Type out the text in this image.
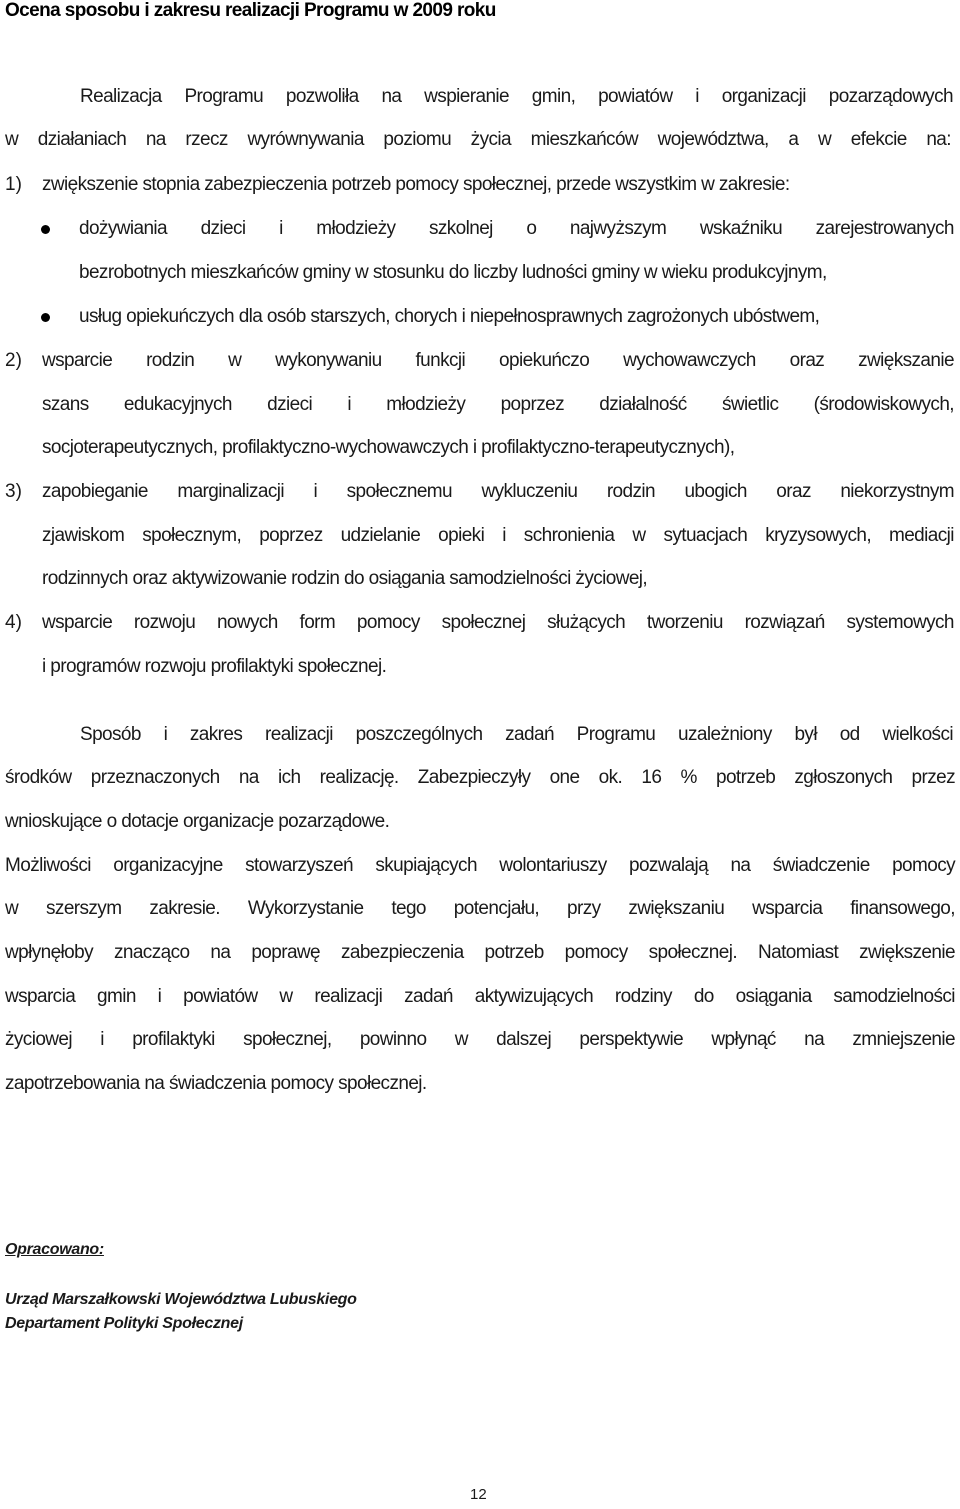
Ocena sposobu i zakresu realizacji Programu w 2009 roku
Realizacja Programu pozwoliła na wspieranie gmin, powiatów i organizacji pozarządowych
w działaniach na rzecz wyrównywania poziomu życia mieszkańców województwa, a w efekcie na:
1) zwiększenie stopnia zabezpieczenia potrzeb pomocy społecznej, przede wszystkim w zakresie:
dożywiania dzieci i młodzieży szkolnej o najwyższym wskaźniku zarejestrowanych
bezrobotnych mieszkańców gminy w stosunku do liczby ludności gminy w wieku produkcyjnym,
usług opiekuńczych dla osób starszych, chorych i niepełnosprawnych zagrożonych ubóstwem,
2) wsparcie rodzin w wykonywaniu funkcji opiekuńczo wychowawczych oraz zwiększanie
szans edukacyjnych dzieci i młodzieży poprzez działalność świetlic (środowiskowych,
socjoterapeutycznych, profilaktyczno-wychowawczych i profilaktyczno-terapeutycznych),
3) zapobieganie marginalizacji i społecznemu wykluczeniu rodzin ubogich oraz niekorzystnym
zjawiskom społecznym, poprzez udzielanie opieki i schronienia w sytuacjach kryzysowych, mediacji
rodzinnych oraz aktywizowanie rodzin do osiągania samodzielności życiowej,
4) wsparcie rozwoju nowych form pomocy społecznej służących tworzeniu rozwiązań systemowych
i programów rozwoju profilaktyki społecznej.
Sposób i zakres realizacji poszczególnych zadań Programu uzależniony był od wielkości
środków przeznaczonych na ich realizację. Zabezpieczyły one ok. 16 % potrzeb zgłoszonych przez
wnioskujące o dotacje organizacje pozarządowe.
Możliwości organizacyjne stowarzyszeń skupiających wolontariuszy pozwalają na świadczenie pomocy
w szerszym zakresie. Wykorzystanie tego potencjału, przy zwiększaniu wsparcia finansowego,
wpłynęłoby znacząco na poprawę zabezpieczenia potrzeb pomocy społecznej. Natomiast zwiększenie
wsparcia gmin i powiatów w realizacji zadań aktywizujących rodziny do osiągania samodzielności
życiowej i profilaktyki społecznej, powinno w dalszej perspektywie wpłynąć na zmniejszenie
zapotrzebowania na świadczenia pomocy społecznej.
Opracowano:
Urząd Marszałkowski Województwa Lubuskiego
Departament Polityki Społecznej
12
